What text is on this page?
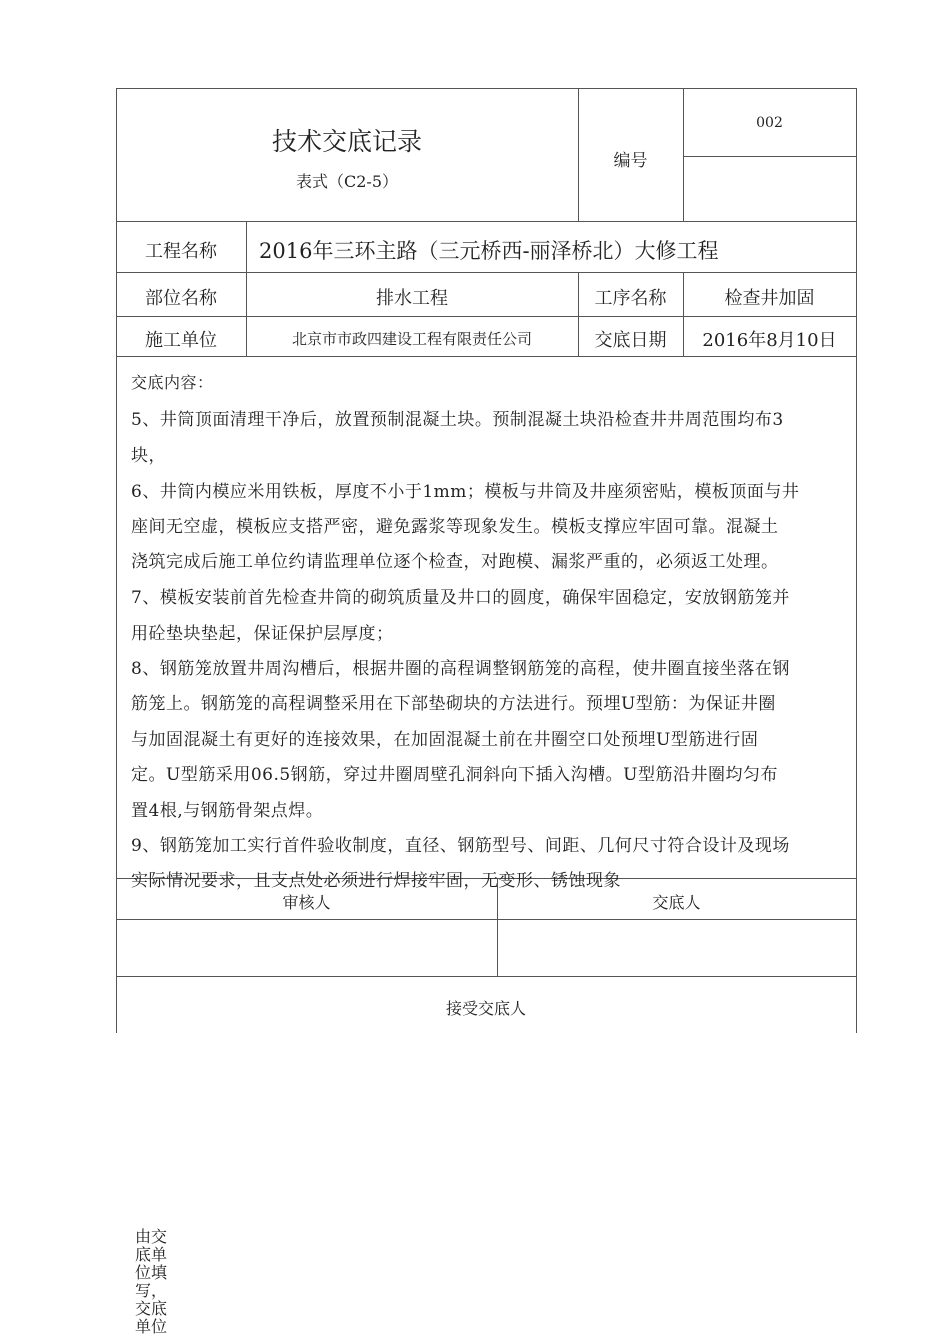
技术交底记录
表式（C2-5）
编号
002
工程名称	2016年三环主路（三元桥西-丽泽桥北）大修工程
部位名称	排水工程	工序名称	检查井加固
施工单位	北京市市政四建设工程有限责任公司	交底日期	2016年8月10日
交底内容：
5、井筒顶面清理干净后，放置预制混凝土块。预制混凝土块沿检查井井周范围均布3
块，
6、井筒内模应米用铁板，厚度不小于1mm；模板与井筒及井座须密贴，模板顶面与井
座间无空虚，模板应支搭严密，避免露浆等现象发生。模板支撑应牢固可靠。混凝土
浇筑完成后施工单位约请监理单位逐个检查，对跑模、漏浆严重的，必须返工处理。
7、模板安装前首先检查井筒的砌筑质量及井口的圆度，确保牢固稳定，安放钢筋笼并
用砼垫块垫起，保证保护层厚度；
8、钢筋笼放置井周沟槽后，根据井圈的高程调整钢筋笼的高程，使井圈直接坐落在钢
筋笼上。钢筋笼的高程调整采用在下部垫砌块的方法进行。预埋U型筋：为保证井圈
与加固混凝土有更好的连接效果，在加固混凝土前在井圈空口处预埋U型筋进行固
定。U型筋采用06.5钢筋，穿过井圈周壁孔洞斜向下插入沟槽。U型筋沿井圈均匀布
置4根,与钢筋骨架点焊。
9、钢筋笼加工实行首件验收制度，直径、钢筋型号、间距、几何尺寸符合设计及现场
实际情况要求，且支点处必须进行焊接牢固，无变形、锈蚀现象
审核人	交底人
接受交底人
由交底单位填写，交底单位
